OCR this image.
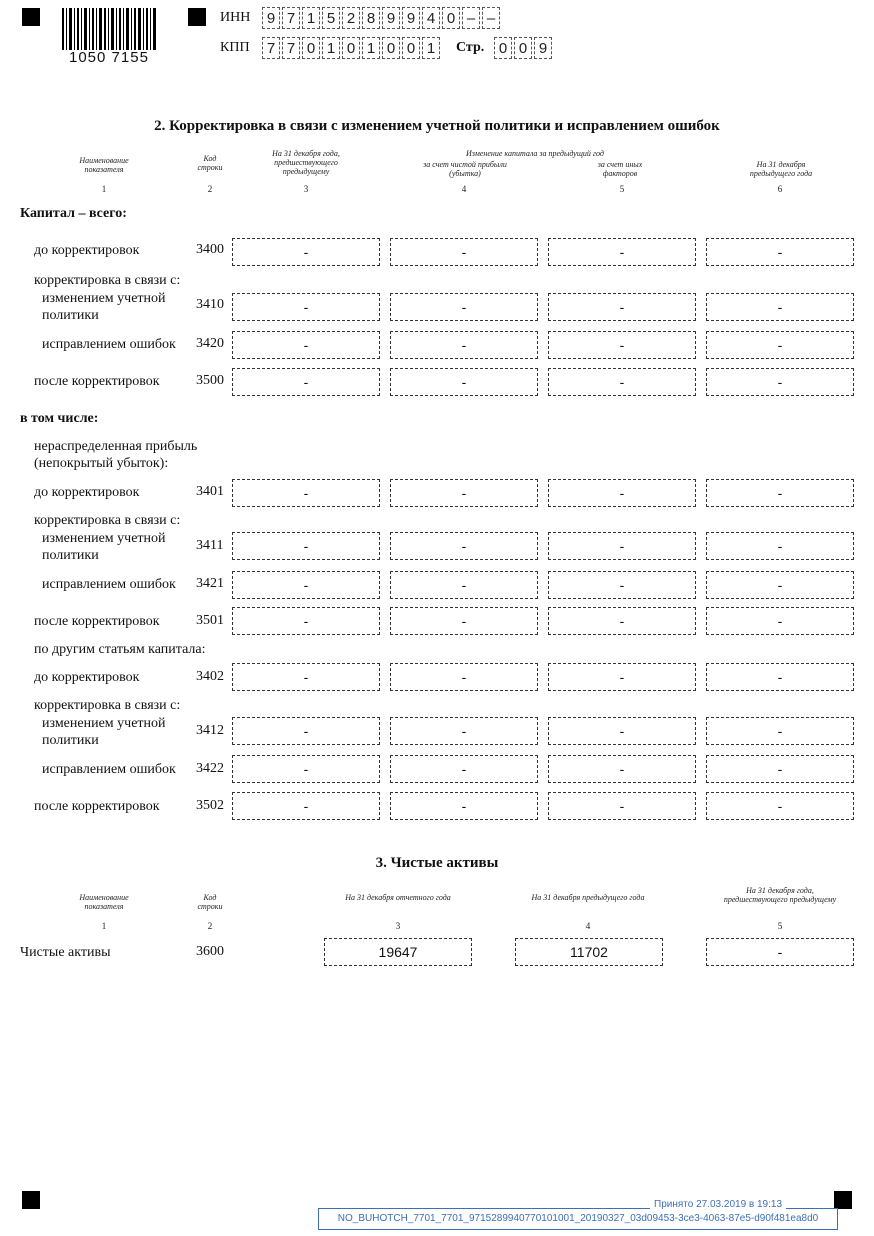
1050 7155
ИНН	9 7 1 5 2 8 9 9 4 0 – –
КПП	7 7 0 1 0 1 0 0 1	Стр. 0 0 9
2. Корректировка в связи с изменением учетной политики и исправлением ошибок
Наименование показателя
Код строки
На 31 декабря года, предшествующего предыдущему
Изменение капитала за предыдущий год
за счет чистой прибыли (убытка)
за счет иных факторов
На 31 декабря предыдущего года
1	2	3	4	5	6
Капитал – всего:
до корректировок	3400	-	-	-	-
корректировка в связи с:
изменением учетной
политики
3410	-	-	-	-
исправлением ошибок 3420	-	-	-	-
после корректировок	3500	-	-	-	-
в том числе:
нераспределенная прибыль (непокрытый убыток):
до корректировок	3401	-	-	-	-
корректировка в связи с:
изменением учетной
политики
3411	-	-	-	-
исправлением ошибок 3421	-	-	-	-
после корректировок	3501	-	-	-	-
по другим статьям капитала:
до корректировок	3402	-	-	-	-
корректировка в связи с:
изменением учетной
политики
3412	-	-	-	-
исправлением ошибок 3422	-	-	-	-
после корректировок	3502	-	-	-	-
3. Чистые активы
Наименование показателя
Код строки
На 31 декабря отчетного года	На 31 декабря предыдущего года
На 31 декабря года, предшествующего предыдущему
1	2	3	4	5
Чистые активы	3600	19647	11702	-
NO_BUHOTCH_7701_7701_9715289940770101001_20190327_03d09453-3ce3-4063-87e5-d90f481ea8d0
Принято 27.03.2019 в 19:13
